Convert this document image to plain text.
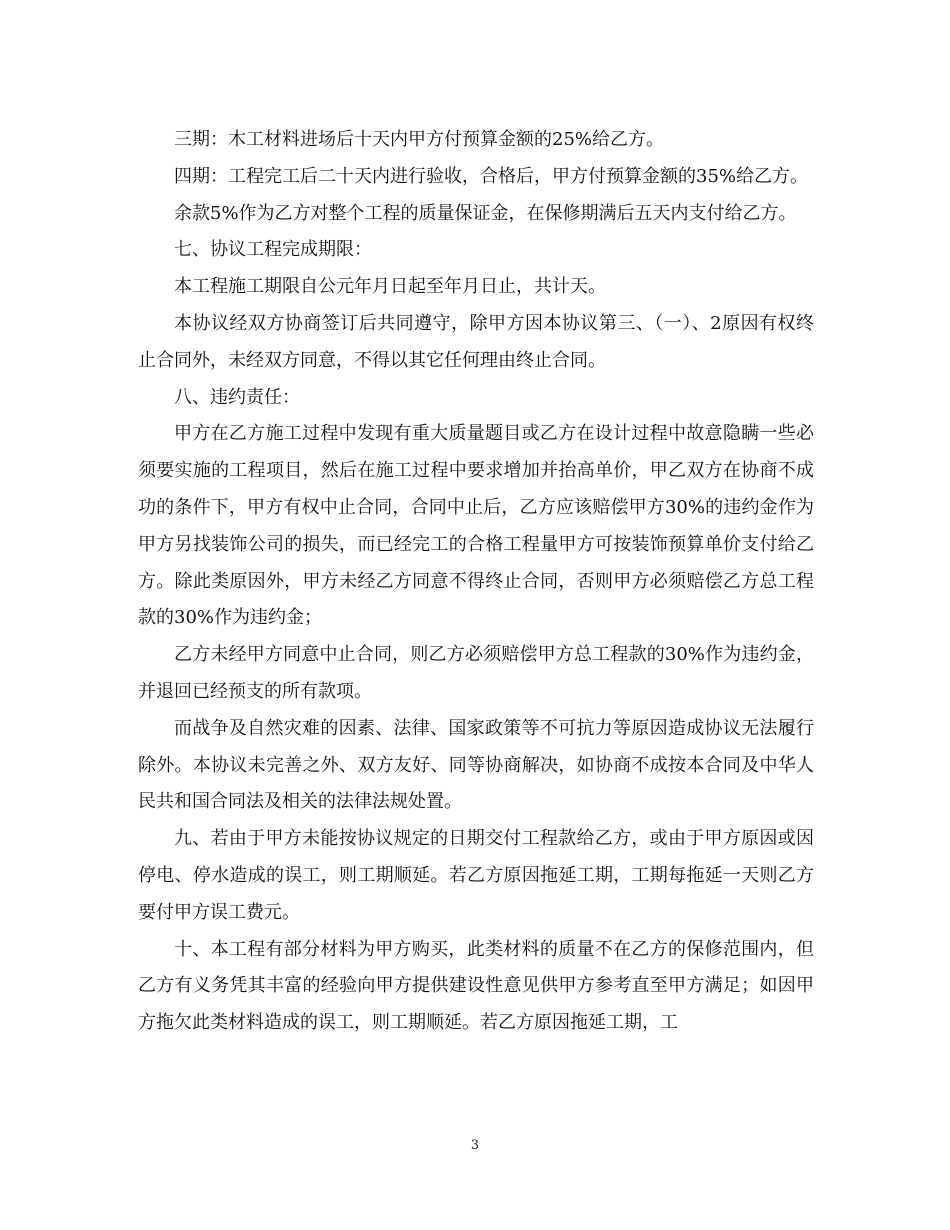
三期：木工材料进场后十天内甲方付预算金额的25%给乙方。

四期：工程完工后二十天内进行验收，合格后，甲方付预算金额的35%给乙方。

余款5%作为乙方对整个工程的质量保证金，在保修期满后五天内支付给乙方。

七、协议工程完成期限：

本工程施工期限自公元年月日起至年月日止，共计天。

本协议经双方协商签订后共同遵守，除甲方因本协议第三、（一）、2原因有权终止合同外，未经双方同意，不得以其它任何理由终止合同。

八、违约责任：

甲方在乙方施工过程中发现有重大质量题目或乙方在设计过程中故意隐瞒一些必须要实施的工程项目，然后在施工过程中要求增加并抬高单价，甲乙双方在协商不成功的条件下，甲方有权中止合同，合同中止后，乙方应该赔偿甲方30%的违约金作为甲方另找装饰公司的损失，而已经完工的合格工程量甲方可按装饰预算单价支付给乙方。除此类原因外，甲方未经乙方同意不得终止合同，否则甲方必须赔偿乙方总工程款的30%作为违约金；

乙方未经甲方同意中止合同，则乙方必须赔偿甲方总工程款的30%作为违约金，并退回已经预支的所有款项。

而战争及自然灾难的因素、法律、国家政策等不可抗力等原因造成协议无法履行除外。本协议未完善之外、双方友好、同等协商解决，如协商不成按本合同及中华人民共和国合同法及相关的法律法规处置。

九、若由于甲方未能按协议规定的日期交付工程款给乙方，或由于甲方原因或因停电、停水造成的误工，则工期顺延。若乙方原因拖延工期，工期每拖延一天则乙方要付甲方误工费元。

十、本工程有部分材料为甲方购买，此类材料的质量不在乙方的保修范围内，但乙方有义务凭其丰富的经验向甲方提供建设性意见供甲方参考直至甲方满足；如因甲方拖欠此类材料造成的误工，则工期顺延。若乙方原因拖延工期，工

3
